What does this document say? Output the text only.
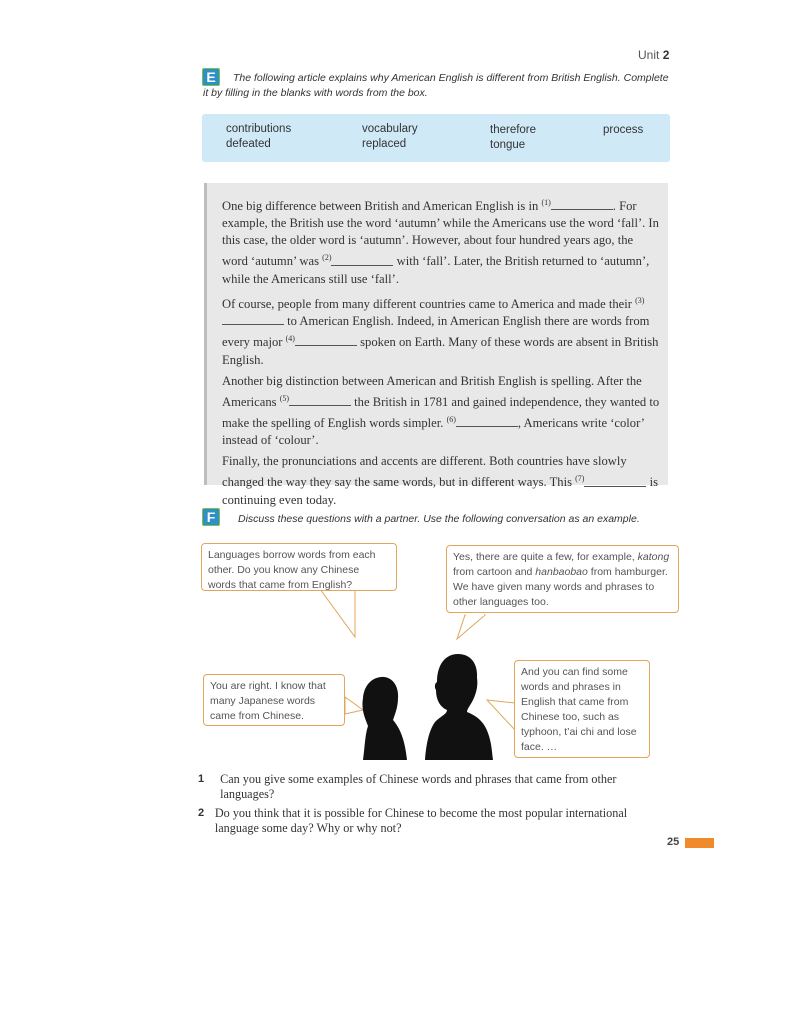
Unit 2
E	The following article explains why American English is different from British English. Complete it by filling in the blanks with words from the box.
contributions	vocabulary	therefore	process
defeated	replaced	tongue

One big difference between British and American English is in $^{(1)}$	. For example, the British use the word ‘autumn’ while the Americans use the word ‘fall’. In this case, the older word is ‘autumn’. However, about four hundred years ago, the word ‘autumn’ was $^{(2)}$	with ‘fall’. Later, the British returned to ‘autumn’, while the Americans still use ‘fall’.

Of course, people from many different countries came to America and made their $^{(3)}$ to American English. Indeed, in American English there are words from every major $^{(4)}$	spoken on Earth. Many of these words are absent in British English.

Another big distinction between American and British English is spelling. After the Americans $^{(5)}$	the British in 1781 and gained independence, they wanted to make the spelling of English words simpler. $^{(6)}$	, Americans write ‘color’ instead of ‘colour’.

Finally, the pronunciations and accents are different. Both countries have slowly changed the way they say the same words, but in different ways. This $^{(7)}$	is continuing even today.

F	Discuss these questions with a partner. Use the following conversation as an example.
Languages borrow words from each other. Do you know any Chinese words that came from English?
Yes, there are quite a few, for example, katong from cartoon and hanbaobao from hamburger. We have given many words and phrases to other languages too.
You are right. I know that many Japanese words came from Chinese.
And you can find some words and phrases in English that came from Chinese too, such as typhoon, t’ai chi and lose face. …
1	Can you give some examples of Chinese words and phrases that came from other languages?
2 Do you think that it is possible for Chinese to become the most popular international language some day? Why or why not?
25
